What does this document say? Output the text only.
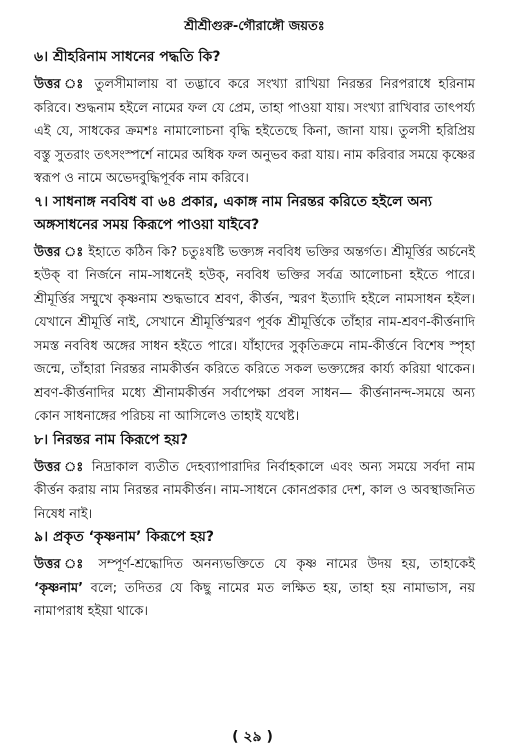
শ্রীশ্রীগুরু-গৌরাঙ্গৌ জয়তঃ

৬। শ্রীহরিনাম সাধনের পদ্ধতি কি?

উত্তর ঃ তুলসীমালায় বা তদ্ভাবে করে সংখ্যা রাখিয়া নিরন্তর নিরপরাধে হরিনাম করিবে। শুদ্ধনাম হইলে নামের ফল যে প্রেম, তাহা পাওয়া যায়। সংখ্যা রাখিবার তাৎপর্য্য এই যে, সাধকের ক্রমশঃ নামালোচনা বৃদ্ধি হইতেছে কিনা, জানা যায়। তুলসী হরিপ্রিয় বস্তু সুতরাং তৎসংস্পর্শে নামের অধিক ফল অনুভব করা যায়। নাম করিবার সময়ে কৃষ্ণের স্বরূপ ও নামে অভেদবুদ্ধিপূর্বক নাম করিবে।

৭। সাধনাঙ্গ নববিধ বা ৬৪ প্রকার, একাঙ্গ নাম নিরন্তর করিতে হইলে অন্য অঙ্গসাধনের সময় কিরূপে পাওয়া যাইবে?

উত্তর ঃ ইহাতে কঠিন কি? চতুঃষষ্টি ভক্ত্যঙ্গ নববিধ ভক্তির অন্তর্গত। শ্রীমূর্ত্তির অর্চনেই হউক্ বা নির্জনে নাম-সাধনেই হউক্, নববিধ ভক্তির সর্বত্র আলোচনা হইতে পারে। শ্রীমূর্ত্তির সম্মুখে কৃষ্ণনাম শুদ্ধভাবে শ্রবণ, কীর্ত্তন, স্মরণ ইত্যাদি হইলে নামসাধন হইল। যেখানে শ্রীমূর্ত্তি নাই, সেখানে শ্রীমূর্ত্তিস্মরণ পূর্বক শ্রীমূর্ত্তিকে তাঁহার নাম-শ্রবণ-কীর্ত্তনাদি সমস্ত নববিধ অঙ্গের সাধন হইতে পারে। যাঁহাদের সুকৃতিক্রমে নাম-কীর্ত্তনে বিশেষ স্পৃহা জন্মে, তাঁহারা নিরন্তর নামকীর্ত্তন করিতে করিতে সকল ভক্ত্যঙ্গের কার্য্য করিয়া থাকেন। শ্রবণ-কীর্ত্তনাদির মধ্যে শ্রীনামকীর্ত্তন সর্বাপেক্ষা প্রবল সাধন— কীর্ত্তনানন্দ-সময়ে অন্য কোন সাধনাঙ্গের পরিচয় না আসিলেও তাহাই যথেষ্ট।

৮। নিরন্তর নাম কিরূপে হয়?

উত্তর ঃ নিদ্রাকাল ব্যতীত দেহব্যাপারাদির নির্বাহকালে এবং অন্য সময়ে সর্বদা নাম কীর্ত্তন করায় নাম নিরন্তর নামকীর্ত্তন। নাম-সাধনে কোনপ্রকার দেশ, কাল ও অবস্থাজনিত নিষেধ নাই।

৯। প্রকৃত ‘কৃষ্ণনাম’ কিরূপে হয়?

উত্তর ঃ সম্পূর্ণ-শ্রদ্ধোদিত অনন্যভক্তিতে যে কৃষ্ণ নামের উদয় হয়, তাহাকেই ‘কৃষ্ণনাম’ বলে; তদিতর যে কিছু নামের মত লক্ষিত হয়, তাহা হয় নামাভাস, নয় নামাপরাধ হইয়া থাকে।

( ২৯ )
